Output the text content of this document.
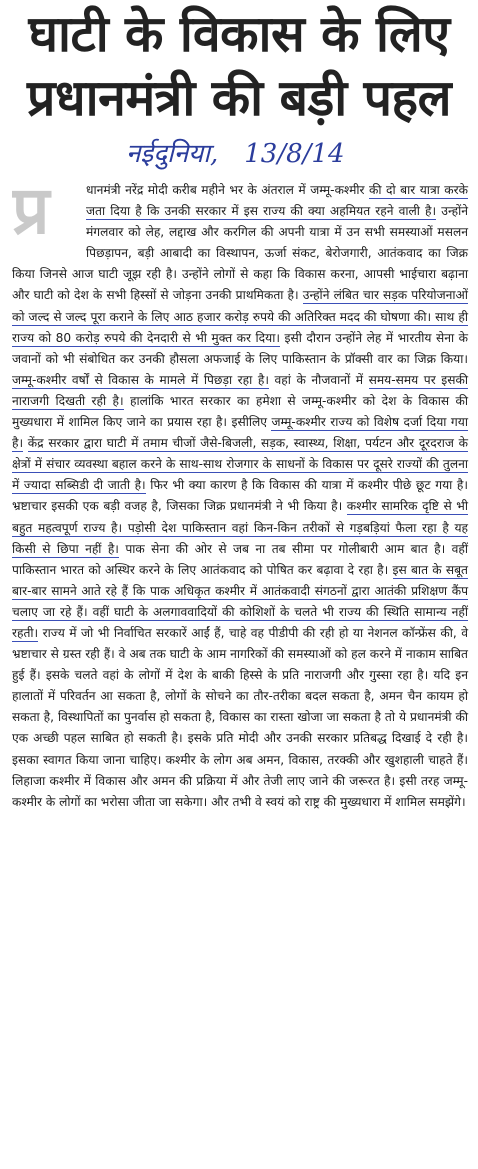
घाटी के विकास के लिए
प्रधानमंत्री की बड़ी पहल
नईदुनिया, 13/8/14
प्र	धानमंत्री नरेंद्र मोदी करीब महीने भर के अंतराल में जम्मू-कश्मीर की दो बार यात्रा करके जता दिया है कि उनकी सरकार में इस राज्य की क्या अहमियत रहने वाली है। उन्होंने मंगलवार को लेह, लद्दाख और करगिल की अपनी यात्रा में उन सभी समस्याओं मसलन पिछड़ापन, बड़ी आबादी का विस्थापन, ऊर्जा संकट, बेरोजगारी, आतंकवाद का जिक्र किया जिनसे आज घाटी जूझ रही है। उन्होंने लोगों से कहा कि विकास करना, आपसी भाईचारा बढ़ाना और घाटी को देश के सभी हिस्सों से जोड़ना उनकी प्राथमिकता है। उन्होंने लंबित चार सड़क परियोजनाओं को जल्द से जल्द पूरा कराने के लिए आठ हजार करोड़ रुपये की अतिरिक्त मदद की घोषणा की। साथ ही राज्य को 80 करोड़ रुपये की देनदारी से भी मुक्त कर दिया। इसी दौरान उन्होंने लेह में भारतीय सेना के जवानों को भी संबोधित कर उनकी हौसला अफजाई के लिए पाकिस्तान के प्रॉक्सी वार का जिक्र किया। जम्मू-कश्मीर वर्षों से विकास के मामले में पिछड़ा रहा है। वहां के नौजवानों में समय-समय पर इसकी नाराजगी दिखती रही है। हालांकि भारत सरकार का हमेशा से जम्मू-कश्मीर को देश के विकास की मुख्यधारा में शामिल किए जाने का प्रयास रहा है। इसीलिए जम्मू-कश्मीर राज्य को विशेष दर्जा दिया गया है। केंद्र सरकार द्वारा घाटी में तमाम चीजों जैसे-बिजली, सड़क, स्वास्थ्य, शिक्षा, पर्यटन और दूरदराज के क्षेत्रों में संचार व्यवस्था बहाल करने के साथ-साथ रोजगार के साधनों के विकास पर दूसरे राज्यों की तुलना में ज्यादा सब्सिडी दी जाती है। फिर भी क्या कारण है कि विकास की यात्रा में कश्मीर पीछे छूट गया है। भ्रष्टाचार इसकी एक बड़ी वजह है, जिसका जिक्र प्रधानमंत्री ने भी किया है। कश्मीर सामरिक दृष्टि से भी बहुत महत्वपूर्ण राज्य है। पड़ोसी देश पाकिस्तान वहां किन-किन तरीकों से गड़बड़ियां फैला रहा है यह किसी से छिपा नहीं है। पाक सेना की ओर से जब ना तब सीमा पर गोलीबारी आम बात है। वहीं पाकिस्तान भारत को अस्थिर करने के लिए आतंकवाद को पोषित कर बढ़ावा दे रहा है। इस बात के सबूत बार-बार सामने आते रहे हैं कि पाक अधिकृत कश्मीर में आतंकवादी संगठनों द्वारा आतंकी प्रशिक्षण कैंप चलाए जा रहे हैं। वहीं घाटी के अलगाववादियों की कोशिशों के चलते भी राज्य की स्थिति सामान्य नहीं रहती। राज्य में जो भी निर्वाचित सरकारें आईं हैं, चाहे वह पीडीपी की रही हो या नेशनल कॉन्फ्रेंस की, वे भ्रष्टाचार से ग्रस्त रही हैं। वे अब तक घाटी के आम नागरिकों की समस्याओं को हल करने में नाकाम साबित हुई हैं। इसके चलते वहां के लोगों में देश के बाकी हिस्से के प्रति नाराजगी और गुस्सा रहा है। यदि इन हालातों में परिवर्तन आ सकता है, लोगों के सोचने का तौर-तरीका बदल सकता है, अमन चैन कायम हो सकता है, विस्थापितों का पुनर्वास हो सकता है, विकास का रास्ता खोजा जा सकता है तो ये प्रधानमंत्री की एक अच्छी पहल साबित हो सकती है। इसके प्रति मोदी और उनकी सरकार प्रतिबद्ध दिखाई दे रही है। इसका स्वागत किया जाना चाहिए। कश्मीर के लोग अब अमन, विकास, तरक्की और खुशहाली चाहते हैं। लिहाजा कश्मीर में विकास और अमन की प्रक्रिया में और तेजी लाए जाने की जरूरत है। इसी तरह जम्मू-कश्मीर के लोगों का भरोसा जीता जा सकेगा। और तभी वे स्वयं को राष्ट्र की मुख्यधारा में शामिल समझेंगे।
